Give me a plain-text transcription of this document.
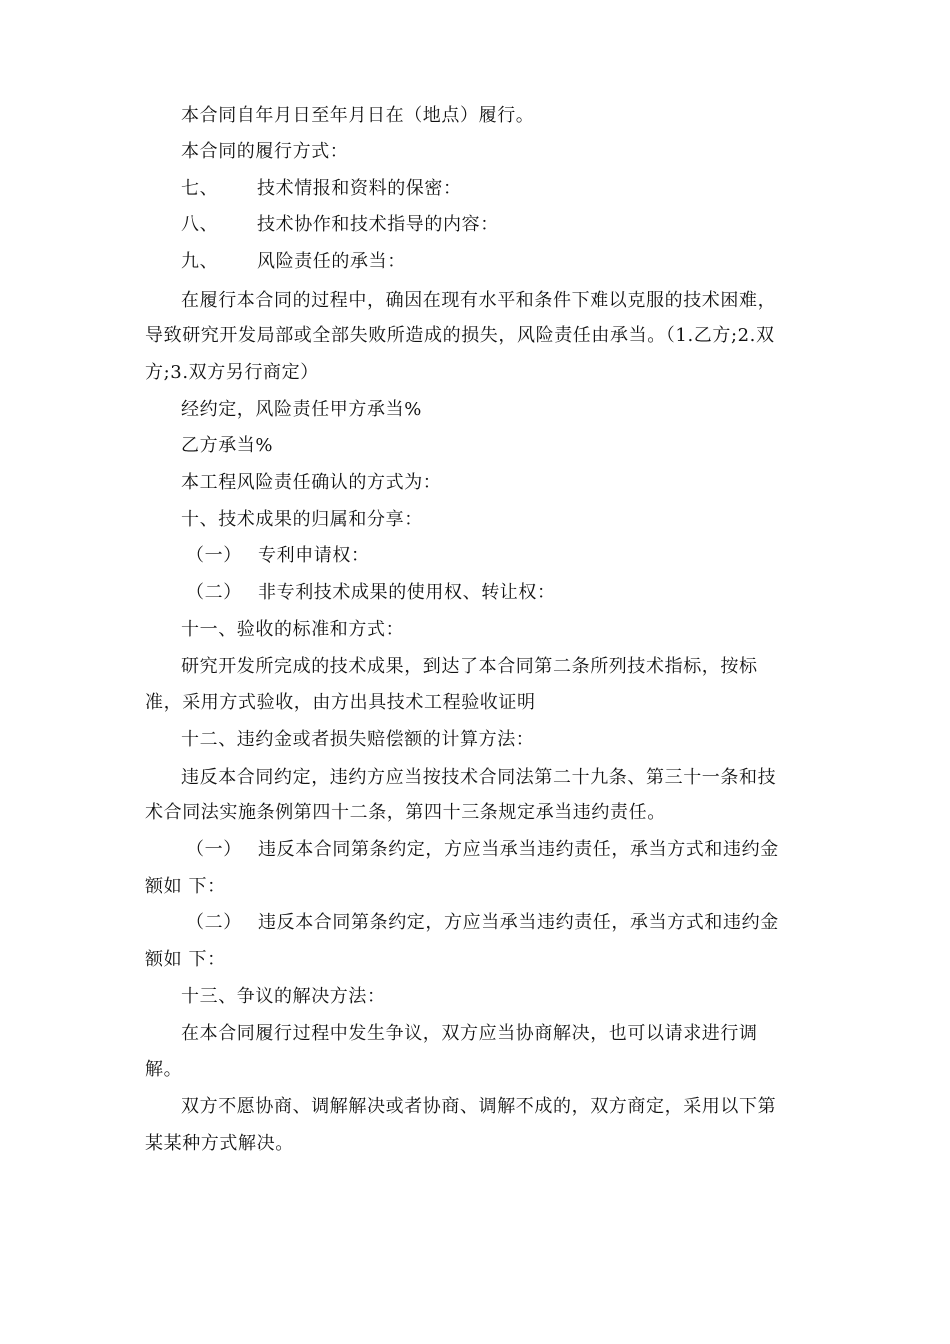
本合同自年月日至年月日在（地点）履行。
本合同的履行方式：
七、 技术情报和资料的保密：
八、 技术协作和技术指导的内容：
九、 风险责任的承当：
在履行本合同的过程中，确因在现有水平和条件下难以克服的技术困难，
导致研究开发局部或全部失败所造成的损失，风险责任由承当。（1.乙方;2.双
方;3.双方另行商定）
经约定，风险责任甲方承当%
乙方承当%
本工程风险责任确认的方式为：
十、技术成果的归属和分享：
（一） 专利申请权：
（二） 非专利技术成果的使用权、转让权：
十一、验收的标准和方式：
研究开发所完成的技术成果，到达了本合同第二条所列技术指标，按标
准，采用方式验收，由方出具技术工程验收证明
十二、违约金或者损失赔偿额的计算方法：
违反本合同约定，违约方应当按技术合同法第二十九条、第三十一条和技
术合同法实施条例第四十二条，第四十三条规定承当违约责任。
（一） 违反本合同第条约定，方应当承当违约责任，承当方式和违约金
额如 下：
（二） 违反本合同第条约定，方应当承当违约责任，承当方式和违约金
额如 下：
十三、争议的解决方法：
在本合同履行过程中发生争议，双方应当协商解决，也可以请求进行调
解。
双方不愿协商、调解解决或者协商、调解不成的，双方商定，采用以下第
某某种方式解决。
